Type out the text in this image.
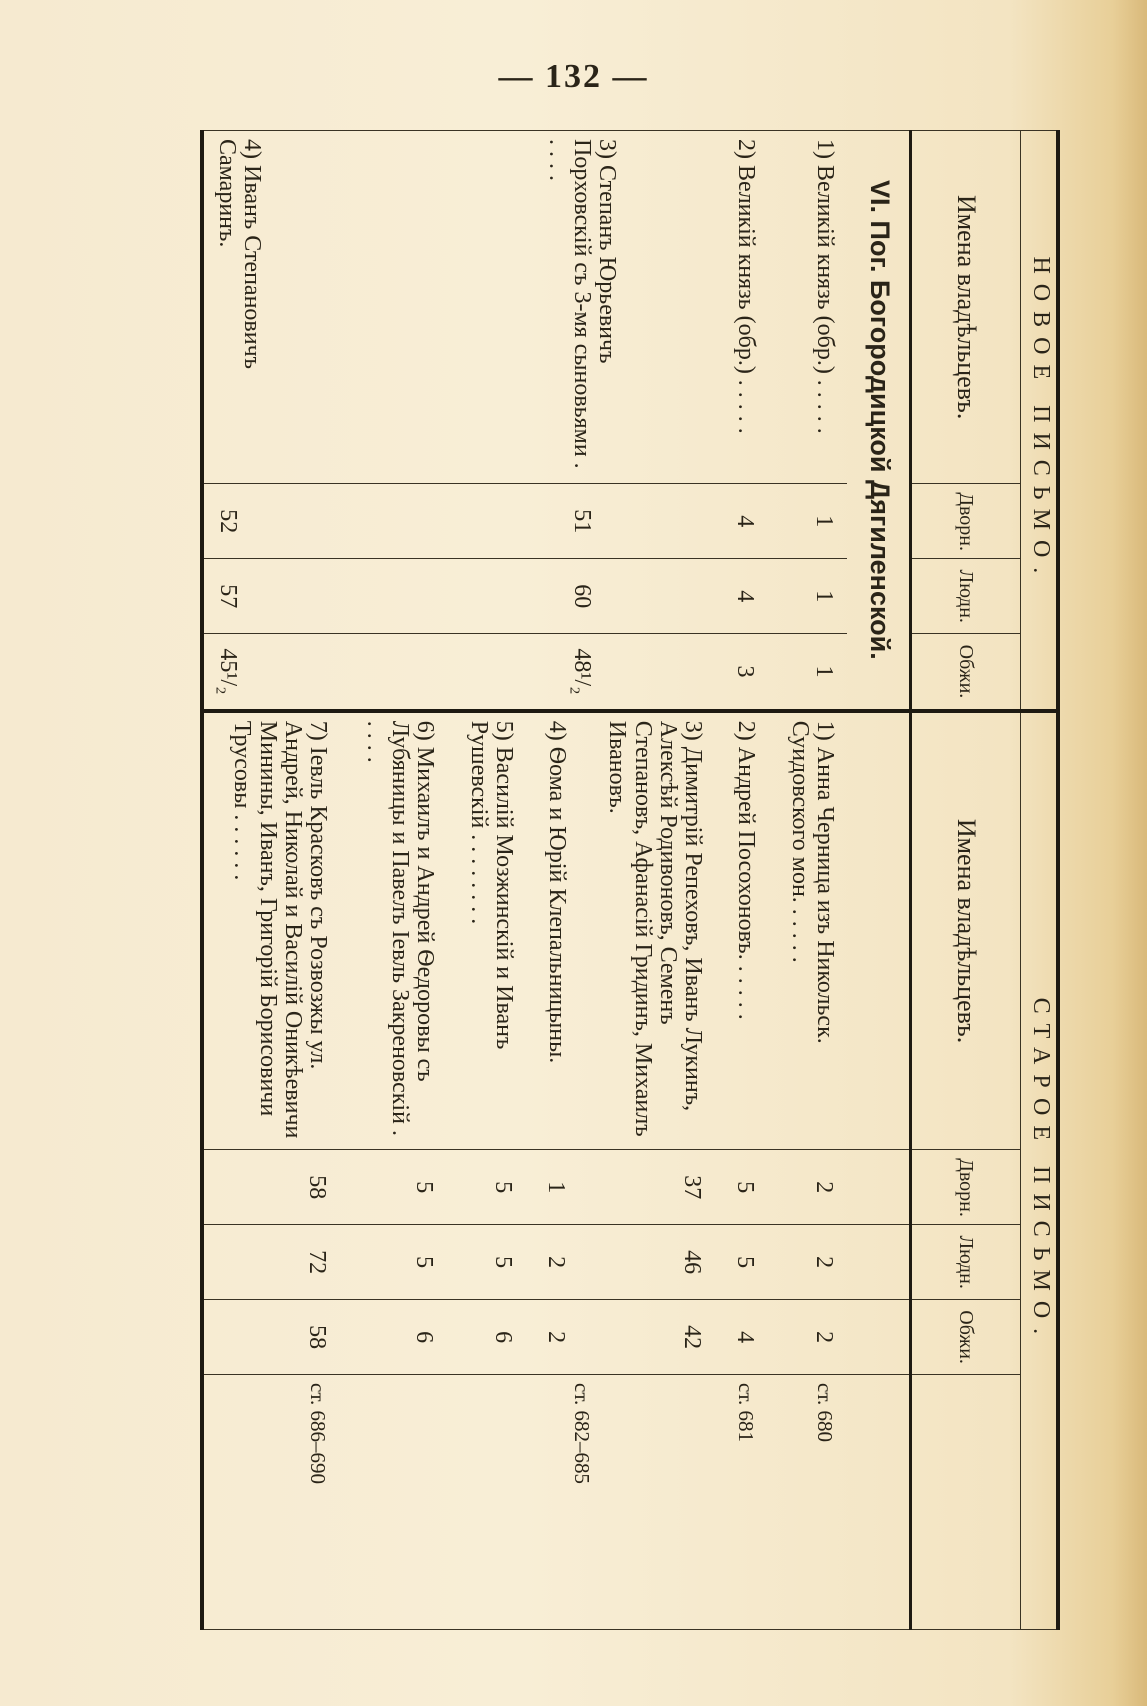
— 132 —
НОВОЕ ПИСЬМО.				СТАРОЕ ПИСЬМО.				
Имена владѣльцевъ.	Дворн.	Людн.	Обжи.	Имена владѣльцевъ.	Дворн.	Людн.	Обжи.	
VI. Пог. Богородицкой Дягиленской.								
1) Великій князь (обр.) . . . . .	1	1	1	1) Анна Черница изъ Никольск. Суидовского мон. . . . . .	2	2	2	ст. 680
2) Великій князь (обр.) . . . . .	4	4	3	2) Андрей Посохоновъ. . . . . .	5	5	4	ст. 681
3) Степанъ Юрьевичъ Порховскій съ 3-мя сыновьями . . . . .	51	60	48¹/₂	3) Димитрій Репеховъ, Иванъ Лукинъ, Алексѣй Родивоновъ, Семенъ Степановъ, Афанасій Гридинъ, Михаилъ Ивановъ.	37	46	42	ст. 682–685
				4) Ѳома и Юрій Клепальницыны.	1	2	2	
				5) Василій Мозжинскій и Иванъ Рушевскій . . . . . . . .	5	5	6	
4) Иванъ Степановичъ Самаринъ.	52	57	45¹/₂	6) Михаилъ и Андрей Ѳедоровы съ Лубяницы и Павелъ Іевль Закреновскій . . . . .	5	5	6	
				7) Іевль Красковъ съ Розвозжы ул. Андрей, Николай и Василій Оникѣевичи Минины, Иванъ, Григорій Борисовичи Трусовы . . . . . .	58	72	58	ст. 686–690
